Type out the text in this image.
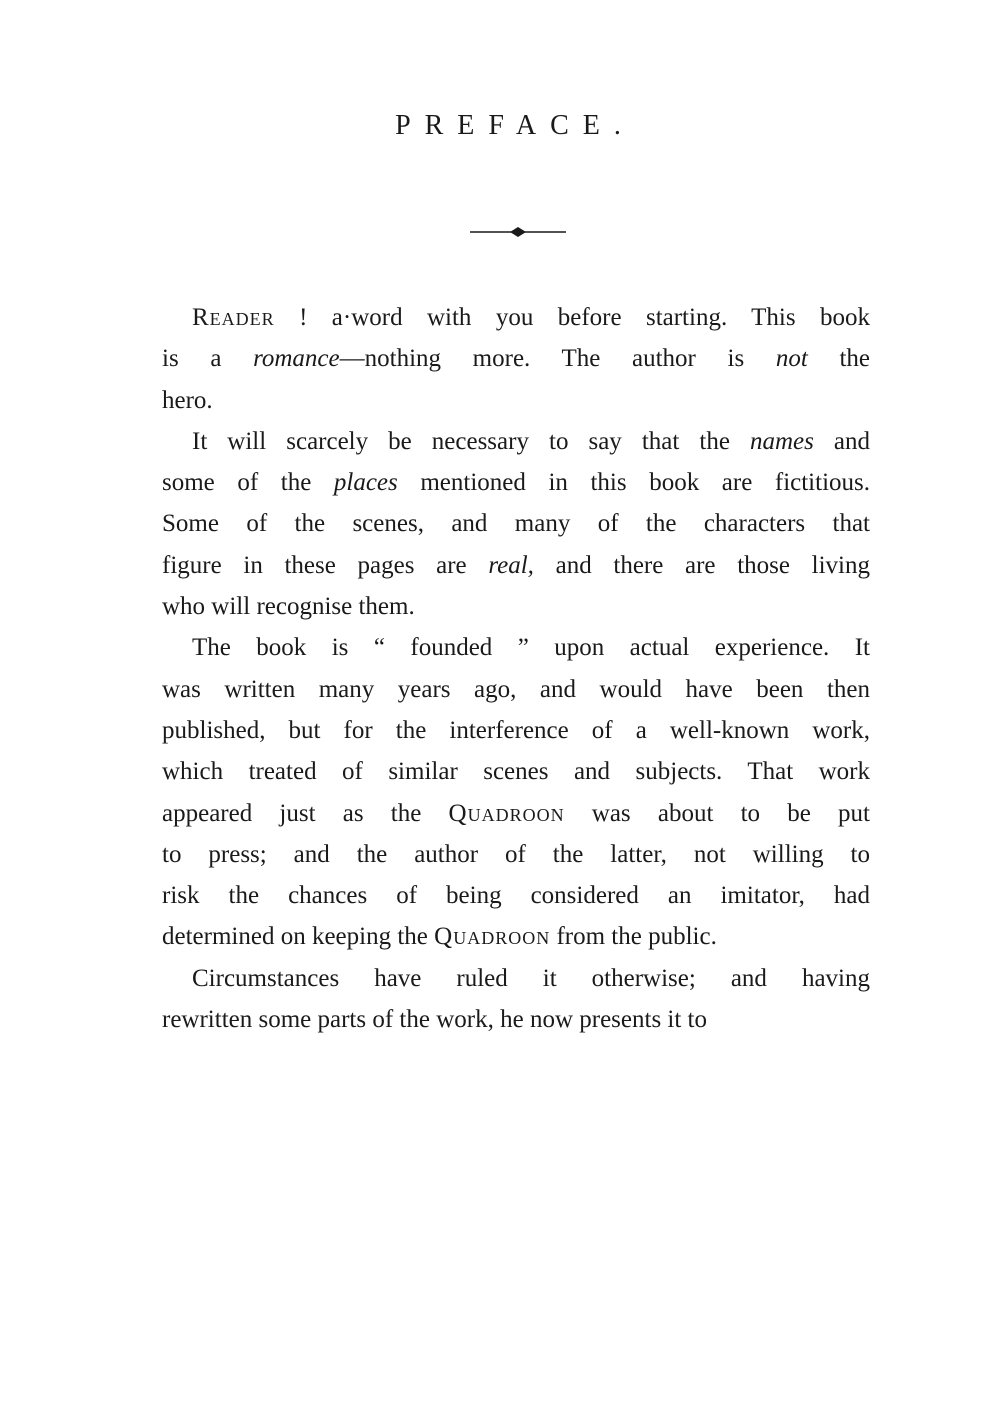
PREFACE.
Reader ! a·word with you before starting. This book
is a romance—nothing more. The author is not the
hero.
It will scarcely be necessary to say that the names and
some of the places mentioned in this book are fictitious.
Some of the scenes, and many of the characters that
figure in these pages are real, and there are those living
who will recognise them.
The book is “ founded ” upon actual experience. It
was written many years ago, and would have been then
published, but for the interference of a well-known work,
which treated of similar scenes and subjects. That work
appeared just as the Quadroon was about to be put
to press; and the author of the latter, not willing to
risk the chances of being considered an imitator, had
determined on keeping the Quadroon from the public.
Circumstances have ruled it otherwise; and having
rewritten some parts of the work, he now presents it to
